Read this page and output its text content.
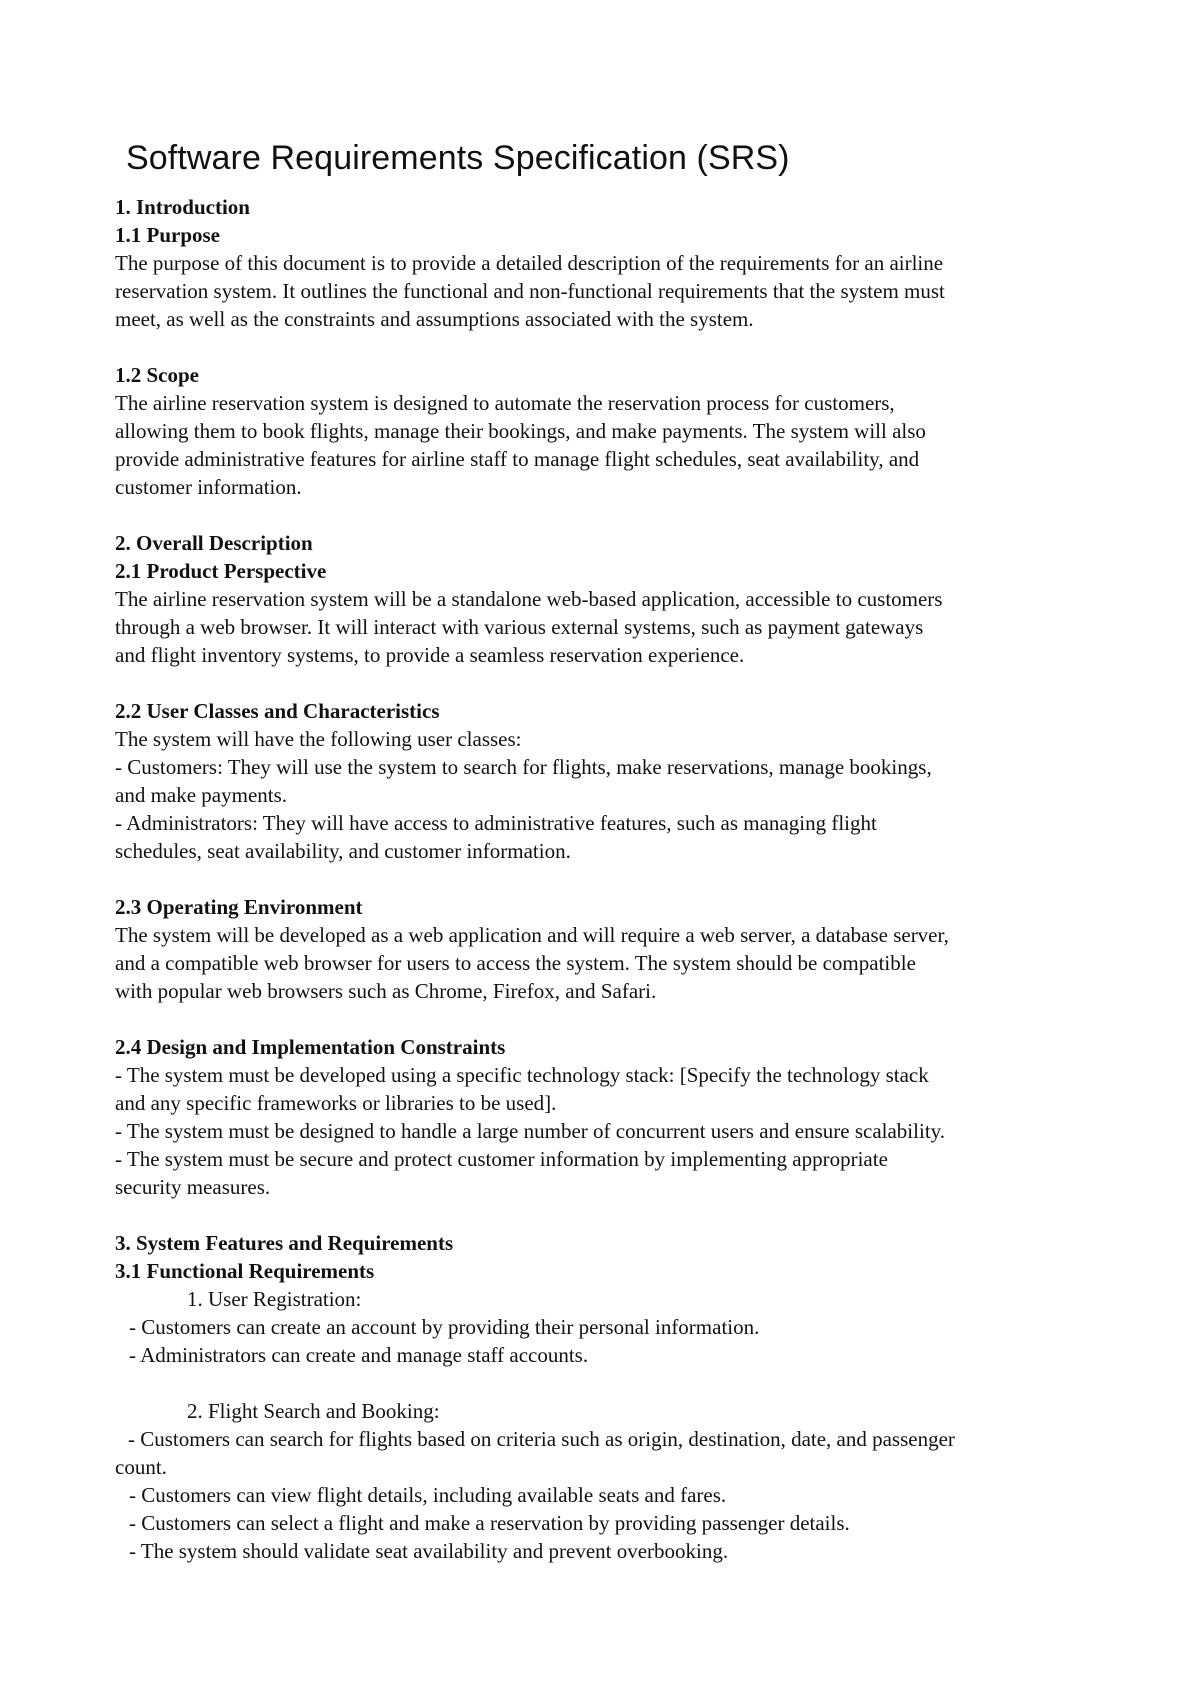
Software Requirements Specification (SRS)
1. Introduction
1.1 Purpose
The purpose of this document is to provide a detailed description of the requirements for an airline
reservation system. It outlines the functional and non-functional requirements that the system must
meet, as well as the constraints and assumptions associated with the system.
1.2 Scope
The airline reservation system is designed to automate the reservation process for customers,
allowing them to book flights, manage their bookings, and make payments. The system will also
provide administrative features for airline staff to manage flight schedules, seat availability, and
customer information.
2. Overall Description
2.1 Product Perspective
The airline reservation system will be a standalone web-based application, accessible to customers
through a web browser. It will interact with various external systems, such as payment gateways
and flight inventory systems, to provide a seamless reservation experience.
2.2 User Classes and Characteristics
The system will have the following user classes:
- Customers: They will use the system to search for flights, make reservations, manage bookings,
and make payments.
- Administrators: They will have access to administrative features, such as managing flight
schedules, seat availability, and customer information.
2.3 Operating Environment
The system will be developed as a web application and will require a web server, a database server,
and a compatible web browser for users to access the system. The system should be compatible
with popular web browsers such as Chrome, Firefox, and Safari.
2.4 Design and Implementation Constraints
- The system must be developed using a specific technology stack: [Specify the technology stack
and any specific frameworks or libraries to be used].
- The system must be designed to handle a large number of concurrent users and ensure scalability.
- The system must be secure and protect customer information by implementing appropriate
security measures.
3. System Features and Requirements
3.1 Functional Requirements
1. User Registration:
- Customers can create an account by providing their personal information.
- Administrators can create and manage staff accounts.
2. Flight Search and Booking:
- Customers can search for flights based on criteria such as origin, destination, date, and passenger
count.
- Customers can view flight details, including available seats and fares.
- Customers can select a flight and make a reservation by providing passenger details.
- The system should validate seat availability and prevent overbooking.
